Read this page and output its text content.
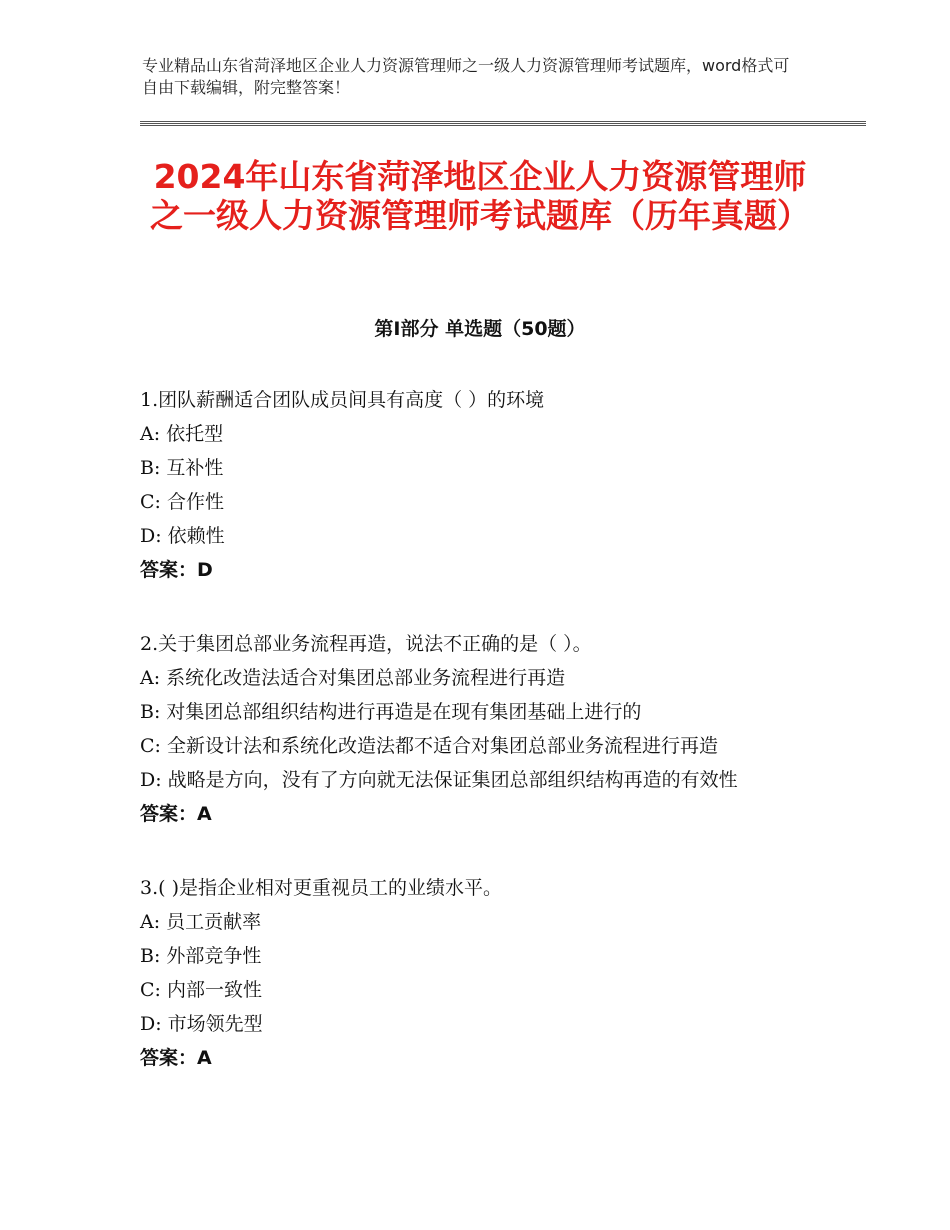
专业精品山东省菏泽地区企业人力资源管理师之一级人力资源管理师考试题库，word格式可自由下载编辑，附完整答案！
2024年山东省菏泽地区企业人力资源管理师之一级人力资源管理师考试题库（历年真题）
第Ⅰ部分 单选题（50题）

1.团队薪酬适合团队成员间具有高度（ ）的环境

A: 依托型

B: 互补性

C: 合作性

D: 依赖性

答案：D

2.关于集团总部业务流程再造，说法不正确的是（ ）。

A: 系统化改造法适合对集团总部业务流程进行再造

B: 对集团总部组织结构进行再造是在现有集团基础上进行的

C: 全新设计法和系统化改造法都不适合对集团总部业务流程进行再造

D: 战略是方向，没有了方向就无法保证集团总部组织结构再造的有效性

答案：A

3.( )是指企业相对更重视员工的业绩水平。

A: 员工贡献率

B: 外部竞争性

C: 内部一致性

D: 市场领先型

答案：A
